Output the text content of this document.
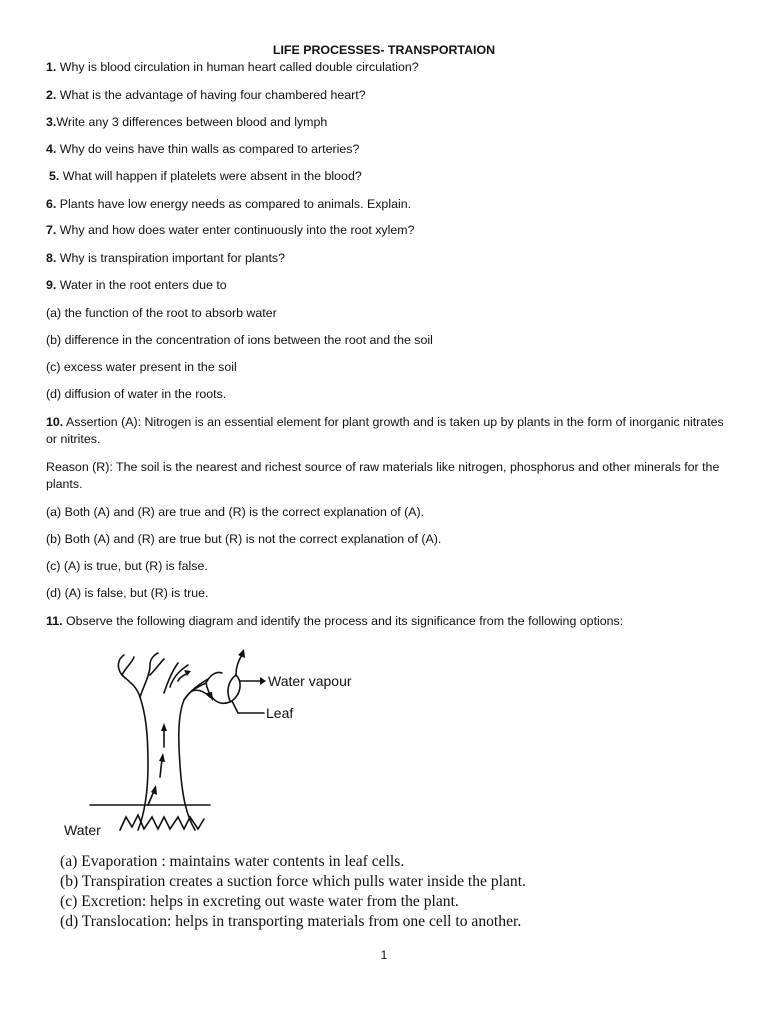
LIFE PROCESSES- TRANSPORTAION
1. Why is blood circulation in human heart called double circulation?
2. What is the advantage of having four chambered heart?
3.Write any 3 differences between blood and lymph
4. Why do veins have thin walls as compared to arteries?
5. What will happen if platelets were absent in the blood?
6. Plants have low energy needs as compared to animals. Explain.
7. Why and how does water enter continuously into the root xylem?
8. Why is transpiration important for plants?
9. Water in the root enters due to
(a) the function of the root to absorb water
(b) difference in the concentration of ions between the root and the soil
(c) excess water present in the soil
(d) diffusion of water in the roots.
10. Assertion (A): Nitrogen is an essential element for plant growth and is taken up by plants in the form of inorganic nitrates or nitrites.
Reason (R): The soil is the nearest and richest source of raw materials like nitrogen, phosphorus and other minerals for the plants.
(a) Both (A) and (R) are true and (R) is the correct explanation of (A).
(b) Both (A) and (R) are true but (R) is not the correct explanation of (A).
(c) (A) is true, but (R) is false.
(d) (A) is false, but (R) is true.
11. Observe the following diagram and identify the process and its significance from the following options:
Water vapour
Leaf
Water
(a) Evaporation : maintains water contents in leaf cells.
(b) Transpiration creates a suction force which pulls water inside the plant.
(c) Excretion: helps in excreting out waste water from the plant.
(d) Translocation: helps in transporting materials from one cell to another.
1
